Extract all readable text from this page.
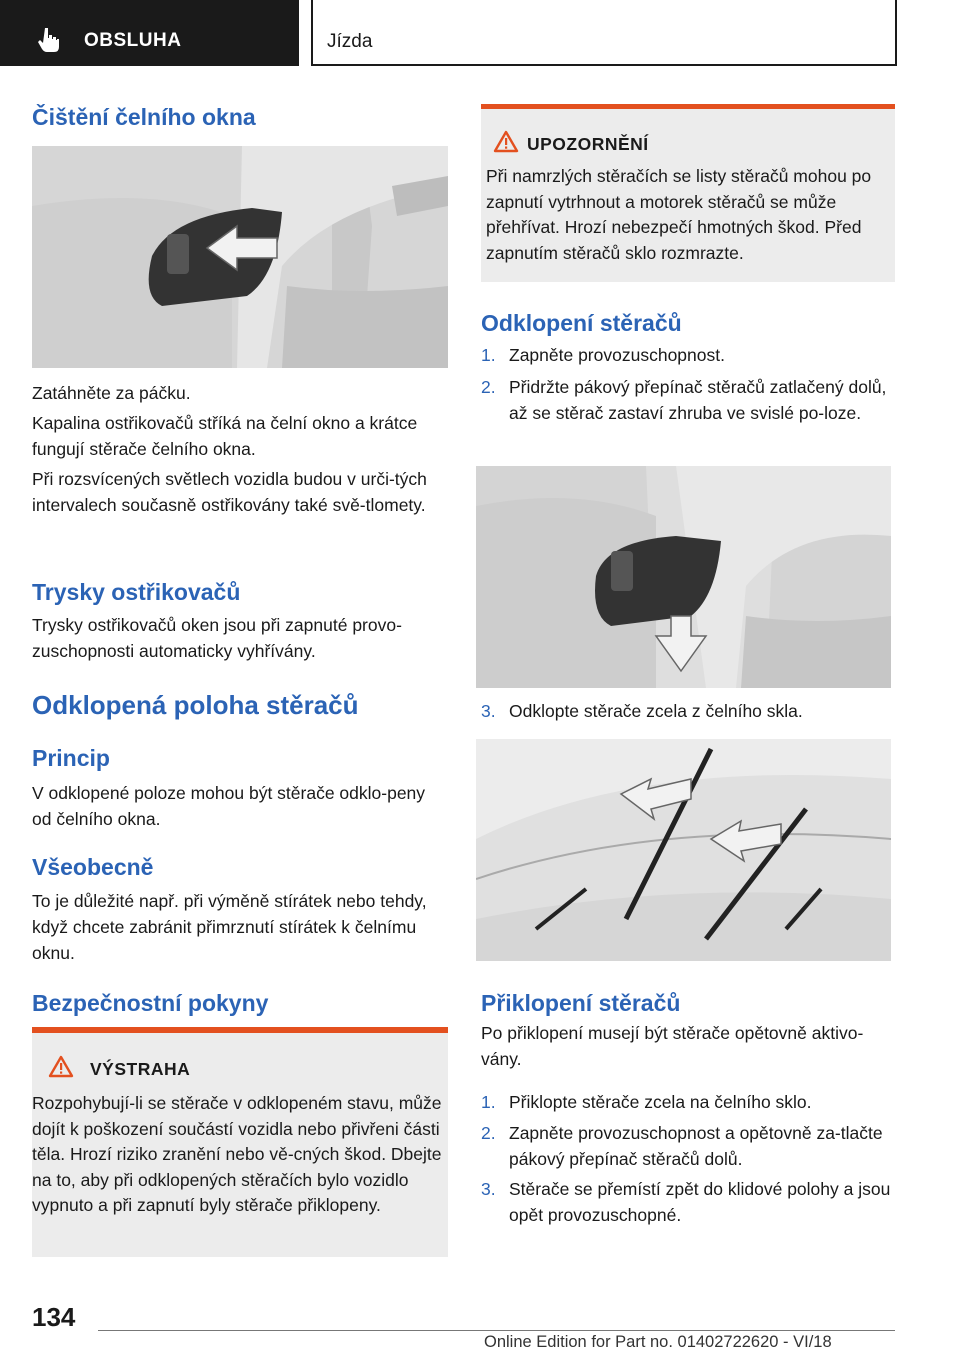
OBSLUHA	Jízda
Čištění čelního okna

Zatáhněte za páčku.

Kapalina ostřikovačů stříká na čelní okno a krátce fungují stěrače čelního okna.

Při rozsvícených světlech vozidla budou v urči‐tých intervalech současně ostřikovány také svě‐tlomety.

Trysky ostřikovačů

Trysky ostřikovačů oken jsou při zapnuté provo‐zuschopnosti automaticky vyhřívány.

Odklopená poloha stěračů
Princip

V odklopené poloze mohou být stěrače odklo‐peny od čelního okna.

Všeobecně

To je důležité např. při výměně stírátek nebo tehdy, když chcete zabránit přimrznutí stírátek k čelnímu oknu.

Bezpečnostní pokyny
VÝSTRAHA
Rozpohybují-li se stěrače v odklopeném stavu, může dojít k poškození součástí vozidla nebo přivřeni části těla. Hrozí riziko zranění nebo vě‐cných škod. Dbejte na to, aby při odklopených stěračích bylo vozidlo vypnuto a při zapnutí byly stěrače přiklopeny.
UPOZORNĚNÍ
Při namrzlých stěračích se listy stěračů mohou po zapnutí vytrhnout a motorek stěračů se může přehřívat. Hrozí nebezpečí hmotných škod. Před zapnutím stěračů sklo rozmrazte.
Odklopení stěračů
1. Zapněte provozuschopnost.
2. Přidržte pákový přepínač stěračů zatlačený dolů, až se stěrač zastaví zhruba ve svislé po‐loze.
3. Odklopte stěrače zcela z čelního skla.
Přiklopení stěračů

Po přiklopení musejí být stěrače opětovně aktivo‐vány.

1. Přiklopte stěrače zcela na čelního sklo.
2. Zapněte provozuschopnost a opětovně za‐tlačte pákový přepínač stěračů dolů.
3. Stěrače se přemístí zpět do klidové polohy a jsou opět provozuschopné.
134
Online Edition for Part no. 01402722620 - VI/18
